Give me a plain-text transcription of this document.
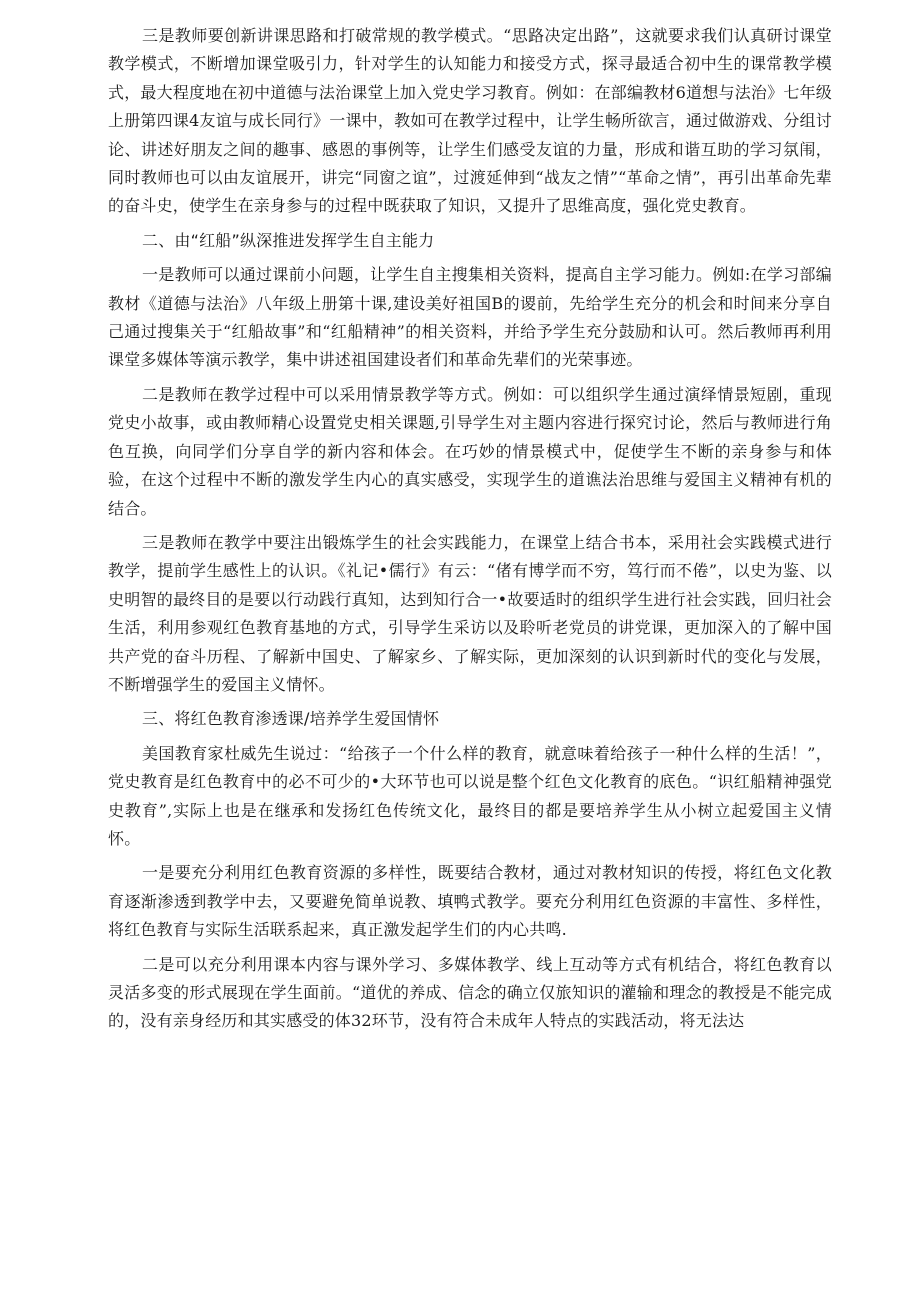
三是教师要创新讲课思路和打破常规的教学模式。“思路决定出路”，这就要求我们认真研讨课堂教学模式，不断增加课堂吸引力，针对学生的认知能力和接受方式，探寻最适合初中生的课常教学模式，最大程度地在初中道德与法治课堂上加入党史学习教育。例如：在部编教材6道想与法治》七年级上册第四课4友谊与成长同行》一课中，教如可在教学过程中，让学生畅所欲言，通过做游戏、分组讨论、讲述好朋友之间的趣事、感恩的事例等，让学生们感受友谊的力量，形成和谐互助的学习氛闱，同时教师也可以由友谊展开，讲完“同窗之谊”，过渡延伸到“战友之情”“革命之情”，再引出革命先辈的奋斗史，使学生在亲身参与的过程中既获取了知识，又提升了思维高度，强化党史教育。

二、由“红船”纵深推进发挥学生自主能力

一是教师可以通过课前小问题，让学生自主搜集相关资料，提高自主学习能力。例如:在学习部编教材《道德与法治》八年级上册第十课,建设美好祖国B的谡前，先给学生充分的机会和时间来分享自己通过搜集关于“红船故事”和“红船精神”的相关资料，并给予学生充分鼓励和认可。然后教师再利用课堂多媒体等演示教学，集中讲述祖国建设者们和革命先辈们的光荣事迹。

二是教师在教学过程中可以采用情景教学等方式。例如：可以组织学生通过演绎情景短剧，重现党史小故事，或由教师精心设置党史相关课题,引导学生对主题内容进行探究讨论，然后与教师进行角色互换，向同学们分享自学的新内容和体会。在巧妙的情景模式中，促使学生不断的亲身参与和体验，在这个过程中不断的激发学生内心的真实感受，实现学生的道谯法治思维与爱国主义精神有机的结合。

三是教师在教学中要注出锻炼学生的社会实践能力，在课堂上结合书本，采用社会实践模式进行教学，提前学生感性上的认识。《礼记•儒行》有云：“偖有博学而不穷，笃行而不倦”，以史为鉴、以史明智的最终目的是要以行动践行真知，达到知行合一•故要适时的组织学生进行社会实践，回归社会生活，利用参观红色教育基地的方式，引导学生采访以及聆听老党员的讲党课，更加深入的了解中国共产党的奋斗历程、了解新中国史、了解家乡、了解实际，更加深刻的认识到新时代的变化与发展，不断增强学生的爱国主义情怀。

三、将红色教育渗透课/培养学生爱国情怀

美国教育家杜威先生说过：“给孩子一个什么样的教育，就意味着给孩子一种什么样的生活！”，党史教育是红色教育中的必不可少的•大环节也可以说是整个红色文化教育的底色。“识红船精神强党史教育”,实际上也是在继承和发扬红色传统文化，最终目的都是要培养学生从小树立起爱国主义情怀。

一是要充分利用红色教育资源的多样性，既要结合教材，通过对教材知识的传授，将红色文化教育逐渐渗透到教学中去，又要避免简单说教、填鸭式教学。要充分利用红色资源的丰富性、多样性，将红色教育与实际生活联系起来，真正激发起学生们的内心共鸣.

二是可以充分利用课本内容与课外学习、多媒体教学、线上互动等方式有机结合，将红色教育以灵活多变的形式展现在学生面前。“道优的养成、信念的确立仅旅知识的灌输和理念的教授是不能完成的，没有亲身经历和其实感受的体32环节，没有符合未成年人特点的实践活动，将无法达
